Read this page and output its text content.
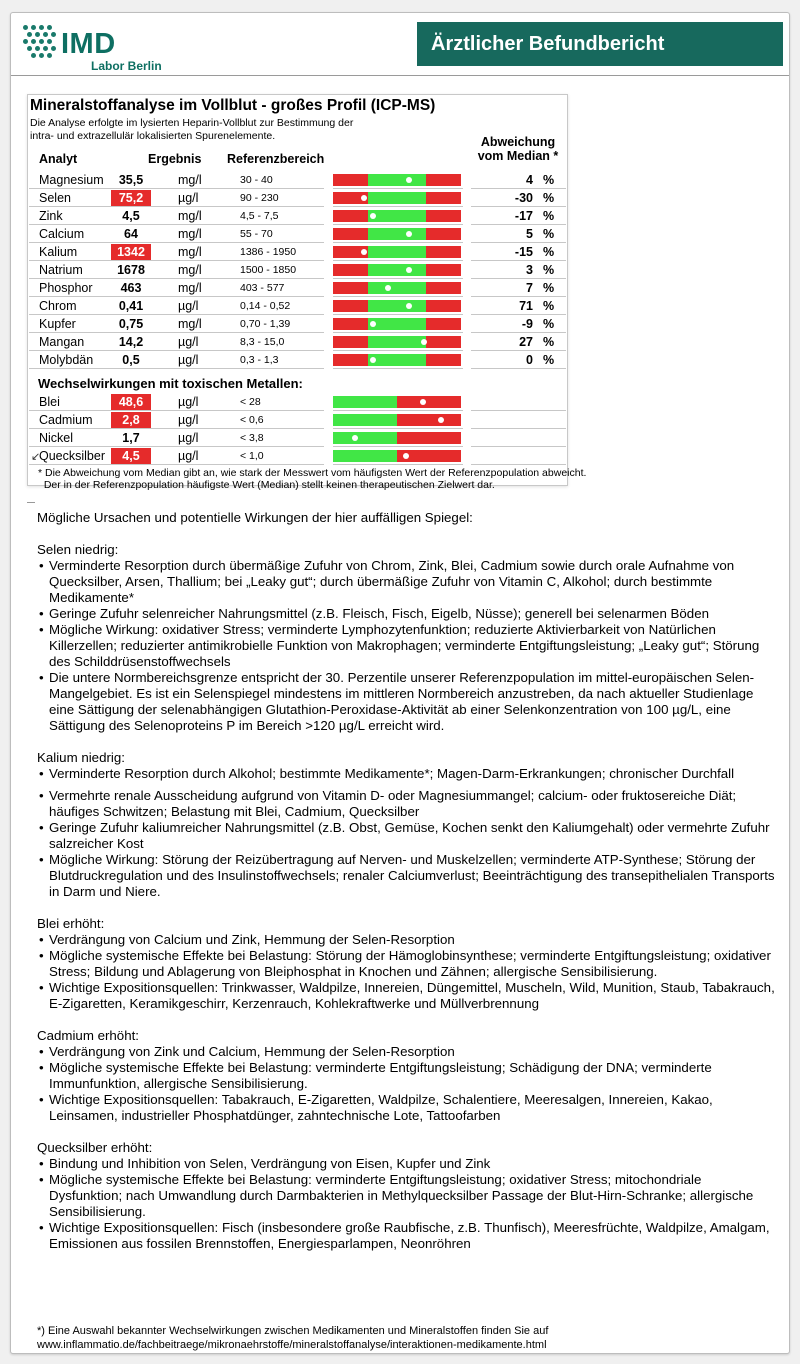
IMD
Labor Berlin
Ärztlicher Befundbericht
Mineralstoffanalyse im Vollblut - großes Profil (ICP-MS)
Die Analyse erfolgte im lysierten Heparin-Vollblut zur Bestimmung der
intra- und extrazellulär lokalisierten Spurenelemente.
Analyt	Ergebnis Referenzbereich
Abweichung
vom Median *
Magnesium	35,5	mg/l	30 - 40	4 %
Selen	75,2	µg/l	90 - 230	-30 %
Zink	4,5	mg/l	4,5 - 7,5	-17 %
Calcium	64	mg/l	55 - 70	5 %
Kalium	1342	mg/l	1386 - 1950	-15 %
Natrium	1678	mg/l	1500 - 1850	3 %
Phosphor	463	mg/l	403 - 577	7 %
Chrom	0,41	µg/l	0,14 - 0,52	71 %
Kupfer	0,75	mg/l	0,70 - 1,39	-9 %
Mangan	14,2	µg/l	8,3 - 15,0	27 %
Molybdän	0,5	µg/l	0,3 - 1,3	0 %
Wechselwirkungen mit toxischen Metallen:
Blei	48,6	µg/l	< 28
Cadmium	2,8	µg/l	< 0,6
Nickel	1,7	µg/l	< 3,8
Quecksilber	4,5	µg/l	< 1,0
↙
* Die Abweichung vom Median gibt an, wie stark der Messwert vom häufigsten Wert der Referenzpopulation abweicht.
Der in der Referenzpopulation häufigste Wert (Median) stellt keinen therapeutischen Zielwert dar.
Mögliche Ursachen und potentielle Wirkungen der hier auffälligen Spiegel:
Selen niedrig:
• Verminderte Resorption durch übermäßige Zufuhr von Chrom, Zink, Blei, Cadmium sowie durch orale Aufnahme von Quecksilber, Arsen, Thallium; bei „Leaky gut“; durch übermäßige Zufuhr von Vitamin C, Alkohol; durch bestimmte Medikamente*
• Geringe Zufuhr selenreicher Nahrungsmittel (z.B. Fleisch, Fisch, Eigelb, Nüsse); generell bei selenarmen Böden
• Mögliche Wirkung: oxidativer Stress; verminderte Lymphozytenfunktion; reduzierte Aktivierbarkeit von Natürlichen Killerzellen; reduzierter antimikrobielle Funktion von Makrophagen; verminderte Entgiftungsleistung; „Leaky gut“; Störung des Schilddrüsenstoffwechsels
• Die untere Normbereichsgrenze entspricht der 30. Perzentile unserer Referenzpopulation im mittel-europäischen Selen-Mangelgebiet. Es ist ein Selenspiegel mindestens im mittleren Normbereich anzustreben, da nach aktueller Studienlage eine Sättigung der selenabhängigen Glutathion-Peroxidase-Aktivität ab einer Selenkonzentration von 100 µg/L, eine Sättigung des Selenoproteins P im Bereich >120 µg/L erreicht wird.
Kalium niedrig:
• Verminderte Resorption durch Alkohol; bestimmte Medikamente*; Magen-Darm-Erkrankungen; chronischer Durchfall
• Vermehrte renale Ausscheidung aufgrund von Vitamin D- oder Magnesiummangel; calcium- oder fruktosereiche Diät; häufiges Schwitzen; Belastung mit Blei, Cadmium, Quecksilber
• Geringe Zufuhr kaliumreicher Nahrungsmittel (z.B. Obst, Gemüse, Kochen senkt den Kaliumgehalt) oder vermehrte Zufuhr salzreicher Kost
• Mögliche Wirkung: Störung der Reizübertragung auf Nerven- und Muskelzellen; verminderte ATP-Synthese; Störung der Blutdruckregulation und des Insulinstoffwechsels; renaler Calciumverlust; Beeinträchtigung des transepithelialen Transports in Darm und Niere.
Blei erhöht:
• Verdrängung von Calcium und Zink, Hemmung der Selen-Resorption
• Mögliche systemische Effekte bei Belastung: Störung der Hämoglobinsynthese; verminderte Entgiftungsleistung; oxidativer Stress; Bildung und Ablagerung von Bleiphosphat in Knochen und Zähnen; allergische Sensibilisierung.
• Wichtige Expositionsquellen: Trinkwasser, Waldpilze, Innereien, Düngemittel, Muscheln, Wild, Munition, Staub, Tabakrauch, E-Zigaretten, Keramikgeschirr, Kerzenrauch, Kohlekraftwerke und Müllverbrennung
Cadmium erhöht:
• Verdrängung von Zink und Calcium, Hemmung der Selen-Resorption
• Mögliche systemische Effekte bei Belastung: verminderte Entgiftungsleistung; Schädigung der DNA; verminderte Immunfunktion, allergische Sensibilisierung.
• Wichtige Expositionsquellen: Tabakrauch, E-Zigaretten, Waldpilze, Schalentiere, Meeresalgen, Innereien, Kakao, Leinsamen, industrieller Phosphatdünger, zahntechnische Lote, Tattoofarben
Quecksilber erhöht:
• Bindung und Inhibition von Selen, Verdrängung von Eisen, Kupfer und Zink
• Mögliche systemische Effekte bei Belastung: verminderte Entgiftungsleistung; oxidativer Stress; mitochondriale Dysfunktion; nach Umwandlung durch Darmbakterien in Methylquecksilber Passage der Blut-Hirn-Schranke; allergische Sensibilisierung.
• Wichtige Expositionsquellen: Fisch (insbesondere große Raubfische, z.B. Thunfisch), Meeresfrüchte, Waldpilze, Amalgam, Emissionen aus fossilen Brennstoffen, Energiesparlampen, Neonröhren
*) Eine Auswahl bekannter Wechselwirkungen zwischen Medikamenten und Mineralstoffen finden Sie auf
www.inflammatio.de/fachbeitraege/mikronaehrstoffe/mineralstoffanalyse/interaktionen-medikamente.html
